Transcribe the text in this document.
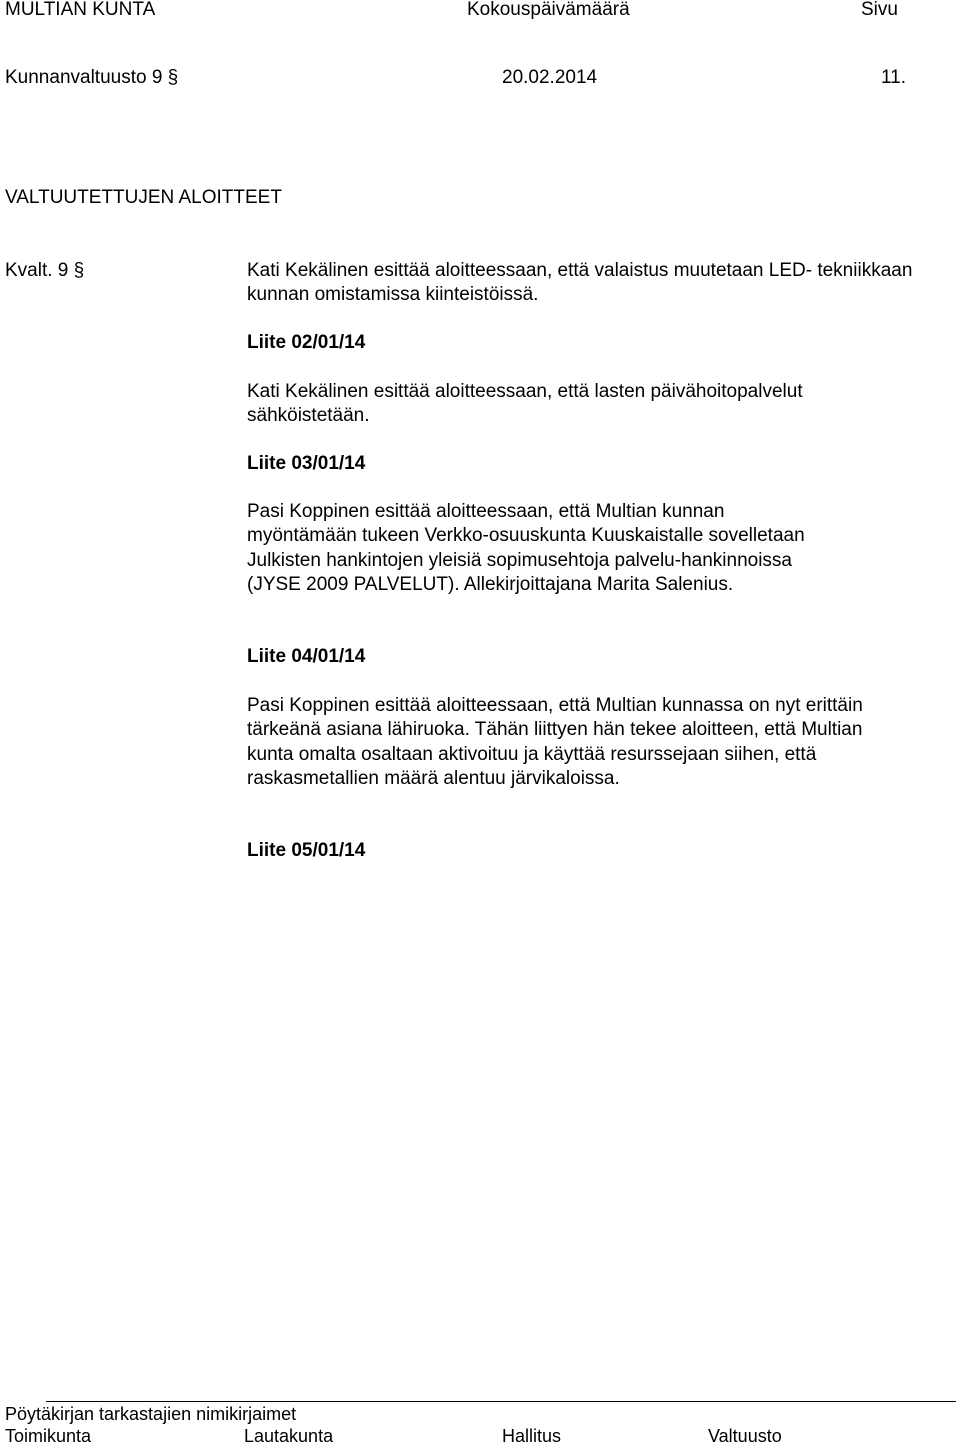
MULTIAN KUNTA	Kokouspäivämäärä	Sivu
Kunnanvaltuusto 9 §	20.02.2014	11.
VALTUUTETTUJEN ALOITTEET
Kvalt. 9 §	Kati Kekälinen esittää aloitteessaan, että valaistus muutetaan LED- tekniikkaan kunnan omistamissa kiinteistöissä.
Liite 02/01/14
Kati Kekälinen esittää aloitteessaan, että lasten päivähoitopalvelut sähköistetään.
Liite 03/01/14
Pasi Koppinen esittää aloitteessaan, että Multian kunnan myöntämään tukeen Verkko-osuuskunta Kuuskaistalle sovelletaan Julkisten hankintojen yleisiä sopimusehtoja palvelu-hankinnoissa (JYSE 2009 PALVELUT). Allekirjoittajana Marita Salenius.
Liite 04/01/14
Pasi Koppinen esittää aloitteessaan, että Multian kunnassa on nyt erittäin tärkeänä asiana lähiruoka. Tähän liittyen hän tekee aloitteen, että Multian kunta omalta osaltaan aktivoituu ja käyttää resurssejaan siihen, että raskasmetallien määrä alentuu järvikaloissa.
Liite 05/01/14
Pöytäkirjan tarkastajien nimikirjaimet
Toimikunta	Lautakunta	Hallitus	Valtuusto
